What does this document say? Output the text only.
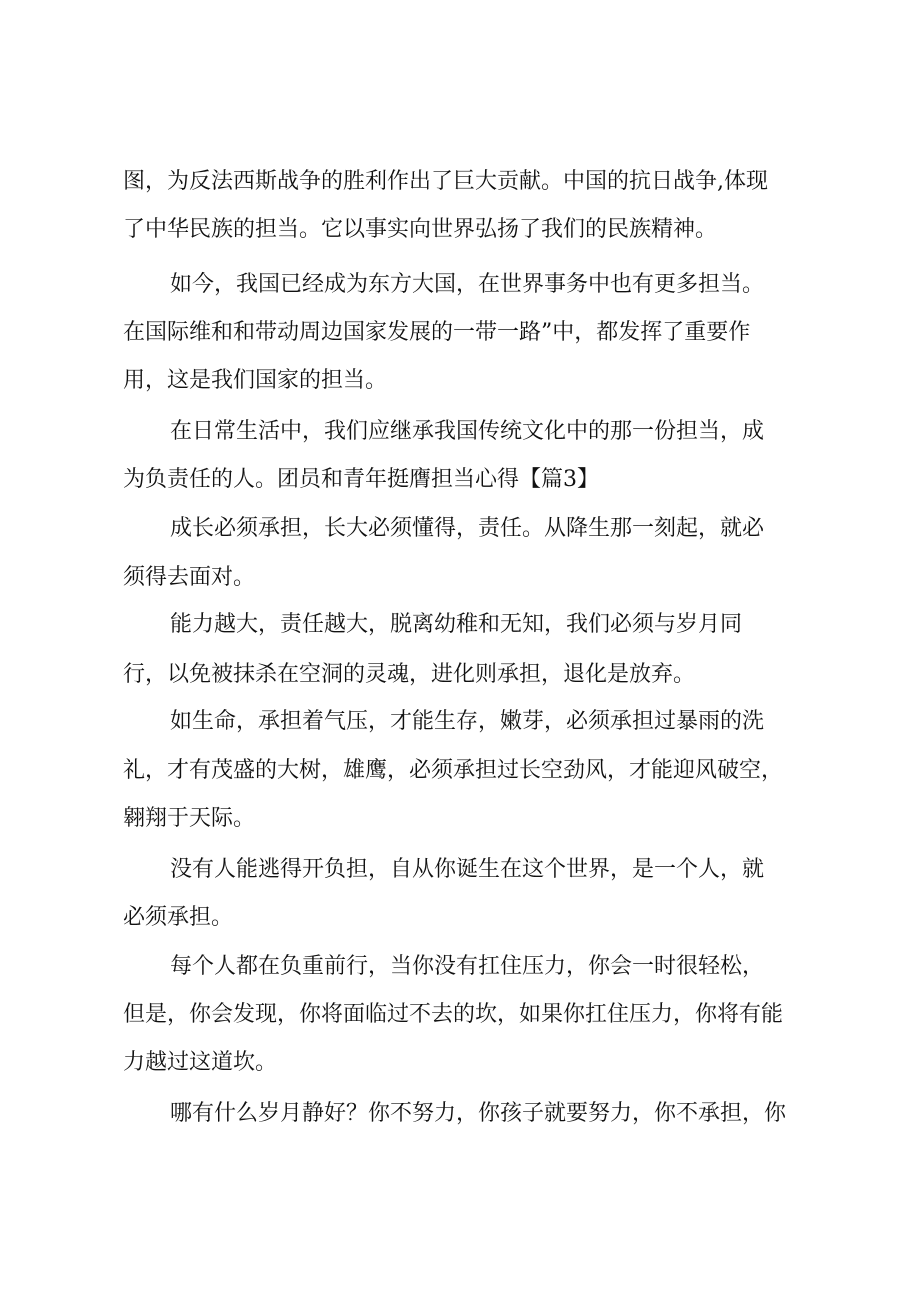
图，为反法西斯战争的胜利作出了巨大贡献。中国的抗日战争,体现
了中华民族的担当。它以事实向世界弘扬了我们的民族精神。
如今，我国已经成为东方大国，在世界事务中也有更多担当。
在国际维和和带动周边国家发展的一带一路”中，都发挥了重要作
用，这是我们国家的担当。
在日常生活中，我们应继承我国传统文化中的那一份担当，成
为负责任的人。团员和青年挺膺担当心得【篇3】
成长必须承担，长大必须懂得，责任。从降生那一刻起，就必
须得去面对。
能力越大，责任越大，脱离幼稚和无知，我们必须与岁月同
行，以免被抹杀在空洞的灵魂，进化则承担，退化是放弃。
如生命，承担着气压，才能生存，嫩芽，必须承担过暴雨的洗
礼，才有茂盛的大树，雄鹰，必须承担过长空劲风，才能迎风破空，
翱翔于天际。
没有人能逃得开负担，自从你诞生在这个世界，是一个人，就
必须承担。
每个人都在负重前行，当你没有扛住压力，你会一时很轻松，
但是，你会发现，你将面临过不去的坎，如果你扛住压力，你将有能
力越过这道坎。
哪有什么岁月静好？你不努力，你孩子就要努力，你不承担，你
